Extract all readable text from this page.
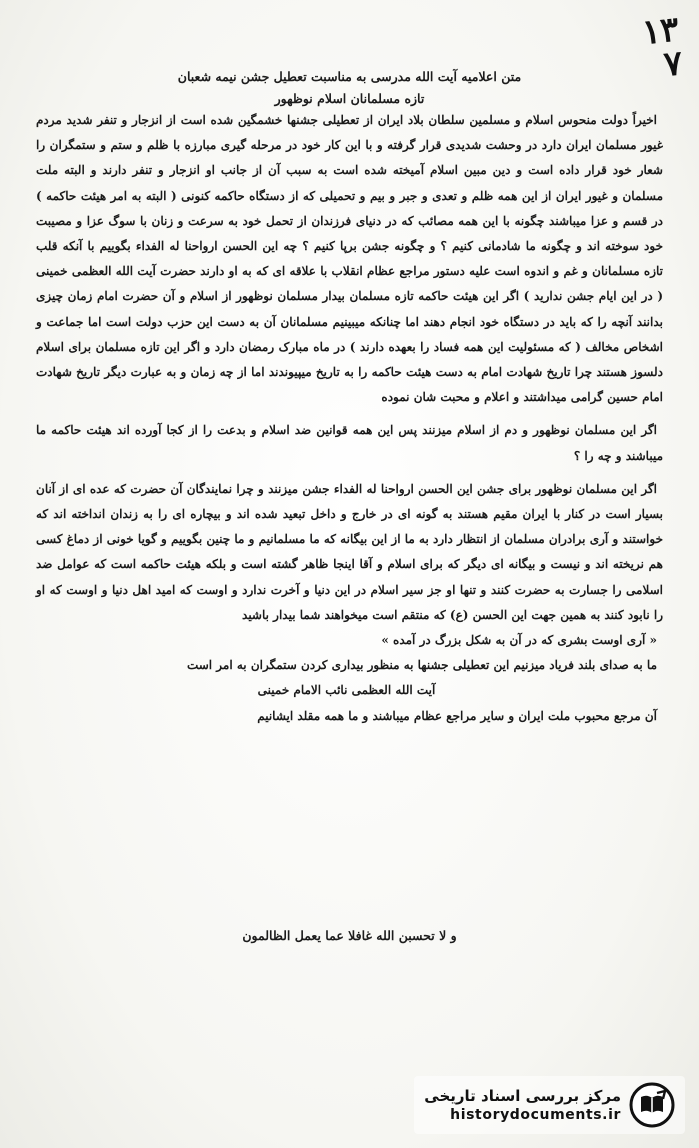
۱۳
۷
متن اعلامیه آیت الله مدرسی به مناسبت تعطیل جشن نیمه شعبان
تازه مسلمانان اسلام نوظهور

اخیراً دولت منحوس اسلام و مسلمین سلطان بلاد ایران از تعطیلی جشنها خشمگین شده است از انزجار و تنفر شدید مردم غیور مسلمان ایران دارد در وحشت شدیدی قرار گرفته و با این کار خود در مرحله گیری مبارزه با ظلم و ستم و ستمگران را شعار خود قرار داده است و دین مبین اسلام آمیخته شده است به سبب آن از جانب او انزجار و تنفر دارند و البته ملت مسلمان و غیور ایران از این همه ظلم و تعدی و جبر و بیم و تحمیلی که از دستگاه حاکمه کنونی ( البته به امر هیئت حاکمه ) در قسم و عزا میباشند چگونه با این همه مصائب که در دنیای فرزندان از تحمل خود به سرعت و زنان با سوگ عزا و مصیبت خود سوخته اند و چگونه ما شادمانی کنیم ؟ و چگونه جشن برپا کنیم ؟ چه این الحسن ارواحنا له الفداء بگوییم با آنکه قلب تازه مسلمانان و غم و اندوه است علیه دستور مراجع عظام انقلاب با علاقه ای که به او دارند حضرت آیت الله العظمی خمینی ( در این ایام جشن ندارید ) اگر این هیئت حاکمه تازه مسلمان بیدار مسلمان نوظهور از اسلام و آن حضرت امام زمان چیزی بدانند آنچه را که باید در دستگاه خود انجام دهند اما چنانکه میبینیم مسلمانان آن به دست این حزب دولت است اما جماعت و اشخاص مخالف ( که مسئولیت این همه فساد را بعهده دارند ) در ماه مبارک رمضان دارد و اگر این تازه مسلمان برای اسلام دلسوز هستند چرا تاریخ شهادت امام به دست هیئت حاکمه را به تاریخ میپیوندند اما از چه زمان و به عبارت دیگر تاریخ شهادت امام حسین گرامی میداشتند و اعلام و محبت شان نموده

اگر این مسلمان نوظهور و دم از اسلام میزنند پس این همه قوانین ضد اسلام و بدعت را از کجا آورده اند هیئت حاکمه ما میباشند و چه را ؟

اگر این مسلمان نوظهور برای جشن این الحسن ارواحنا له الفداء جشن میزنند و چرا نمایندگان آن حضرت که عده ای از آنان بسیار است در کنار با ایران مقیم هستند به گونه ای در خارج و داخل تبعید شده اند و بیچاره ای را به زندان انداخته اند که خواستند و آری برادران مسلمان از انتظار دارد به ما از این بیگانه که ما مسلمانیم و ما چنین بگوییم و گویا خونی از دماغ کسی هم نریخته اند و نیست و بیگانه ای دیگر که برای اسلام و آقا اینجا ظاهر گشته است و بلکه هیئت حاکمه است که عوامل ضد اسلامی را جسارت به حضرت کنند و تنها او جز سیر اسلام در این دنیا و آخرت ندارد و اوست که امید اهل دنیا و اوست که او را نابود کنند به همین جهت این الحسن (ع) که منتقم است میخواهند شما بیدار باشید

« آری اوست بشری که در آن به شکل بزرگ در آمده »

ما به صدای بلند فریاد میزنیم این تعطیلی جشنها به منظور بیداری کردن ستمگران به امر است

آیت الله العظمی نائب الامام خمینی

آن مرجع محبوب ملت ایران و سایر مراجع عظام میباشند و ما همه مقلد ایشانیم

و لا تحسبن الله غافلا عما یعمل الظالمون
مرکز بررسی اسناد تاریخی
historydocuments.ir
